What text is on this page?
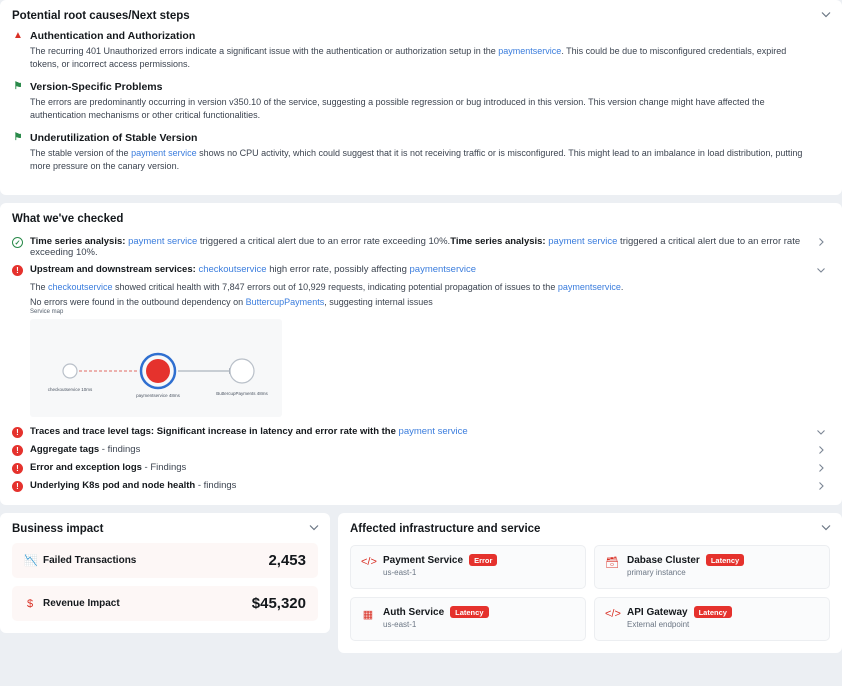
Potential root causes/Next steps
▲ Authentication and Authorization
The recurring 401 Unauthorized errors indicate a significant issue with the authentication or authorization setup in the paymentservice. This could be due to misconfigured credentials, expired tokens, or incorrect access permissions.
⚑ Version-Specific Problems
The errors are predominantly occurring in version v350.10 of the service, suggesting a possible regression or bug introduced in this version. This version change might have affected the authentication mechanisms or other critical functionalities.
⚑ Underutilization of Stable Version
The stable version of the payment service shows no CPU activity, which could suggest that it is not receiving traffic or is misconfigured. This might lead to an imbalance in load distribution, putting more pressure on the canary version.
What we've checked
✓ Time series analysis: payment service triggered a critical alert due to an error rate exceeding 10%.Time series analysis: payment service triggered a critical alert due to an error rate exceeding 10%.
!	Upstream and downstream services: checkoutservice high error rate, possibly affecting paymentservice
The checkoutservice showed critical health with 7,847 errors out of 10,929 requests, indicating potential propagation of issues to the paymentservice.
No errors were found in the outbound dependency on ButtercupPayments, suggesting internal issues
Service map
checkoutservice 10ms
paymentservice 48ms	ButtercupPayments 48ms
!	Traces and trace level tags: Significant increase in latency and error rate with the payment service
!	Aggregate tags - findings
!	Error and exception logs - Findings
!	Underlying K8s pod and node health - findings
Business impact
📉 Failed Transactions	2,453
$ Revenue Impact	$45,320
Affected infrastructure and service
</> Payment Service	Error
us-east-1
🗃 Dabase Cluster	Latency
primary instance
▦ Auth Service	Latency
us-east-1
</> API Gateway	Latency
External endpoint
